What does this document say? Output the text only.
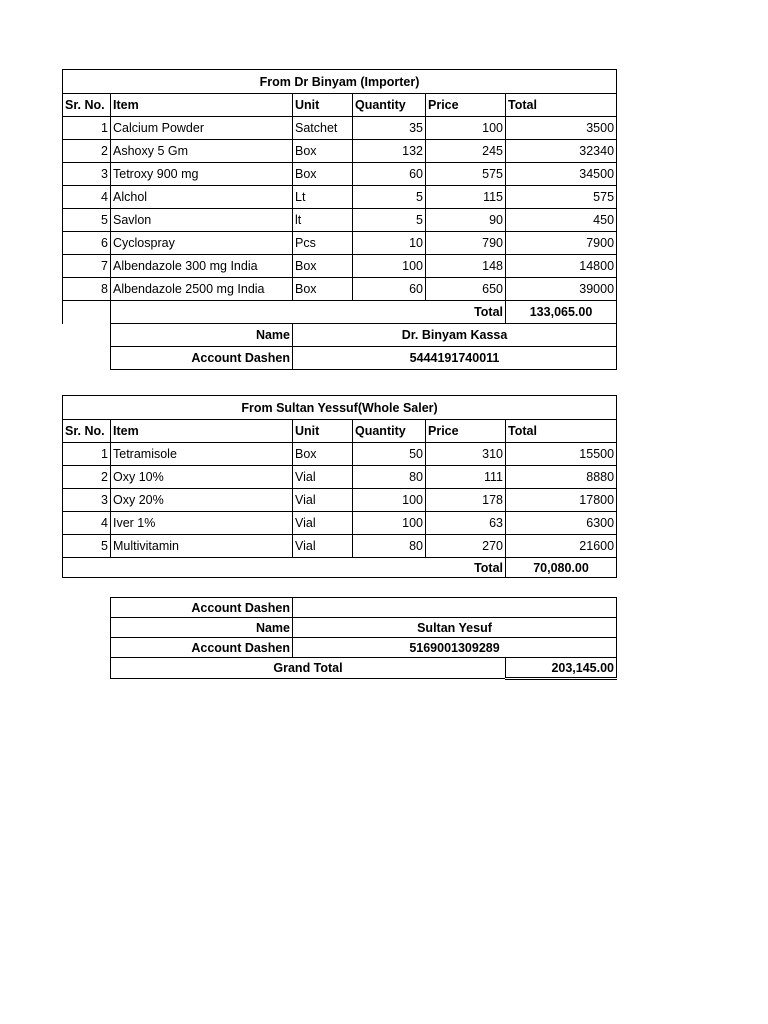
From Dr Binyam (Importer)					
Sr. No.	Item	Unit	Quantity	Price	Total
1	Calcium Powder	Satchet	35	100	3500
2	Ashoxy 5 Gm	Box	132	245	32340
3	Tetroxy 900 mg	Box	60	575	34500
4	Alchol	Lt	5	115	575
5	Savlon	lt	5	90	450
6	Cyclospray	Pcs	10	790	7900
7	Albendazole 300 mg India	Box	100	148	14800
8	Albendazole 2500 mg India	Box	60	650	39000
	Total				133,065.00
	Name	Dr. Binyam Kassa			
	Account Dashen	5444191740011			
From Sultan Yessuf(Whole Saler)					
Sr. No.	Item	Unit	Quantity	Price	Total
1	Tetramisole	Box	50	310	15500
2	Oxy 10%	Vial	80	111	8880
3	Oxy 20%	Vial	100	178	17800
4	Iver 1%	Vial	100	63	6300
5	Multivitamin	Vial	80	270	21600
Total					70,080.00
Account Dashen		
Name	Sultan Yesuf	
Account Dashen	5169001309289	
Grand Total		203,145.00
